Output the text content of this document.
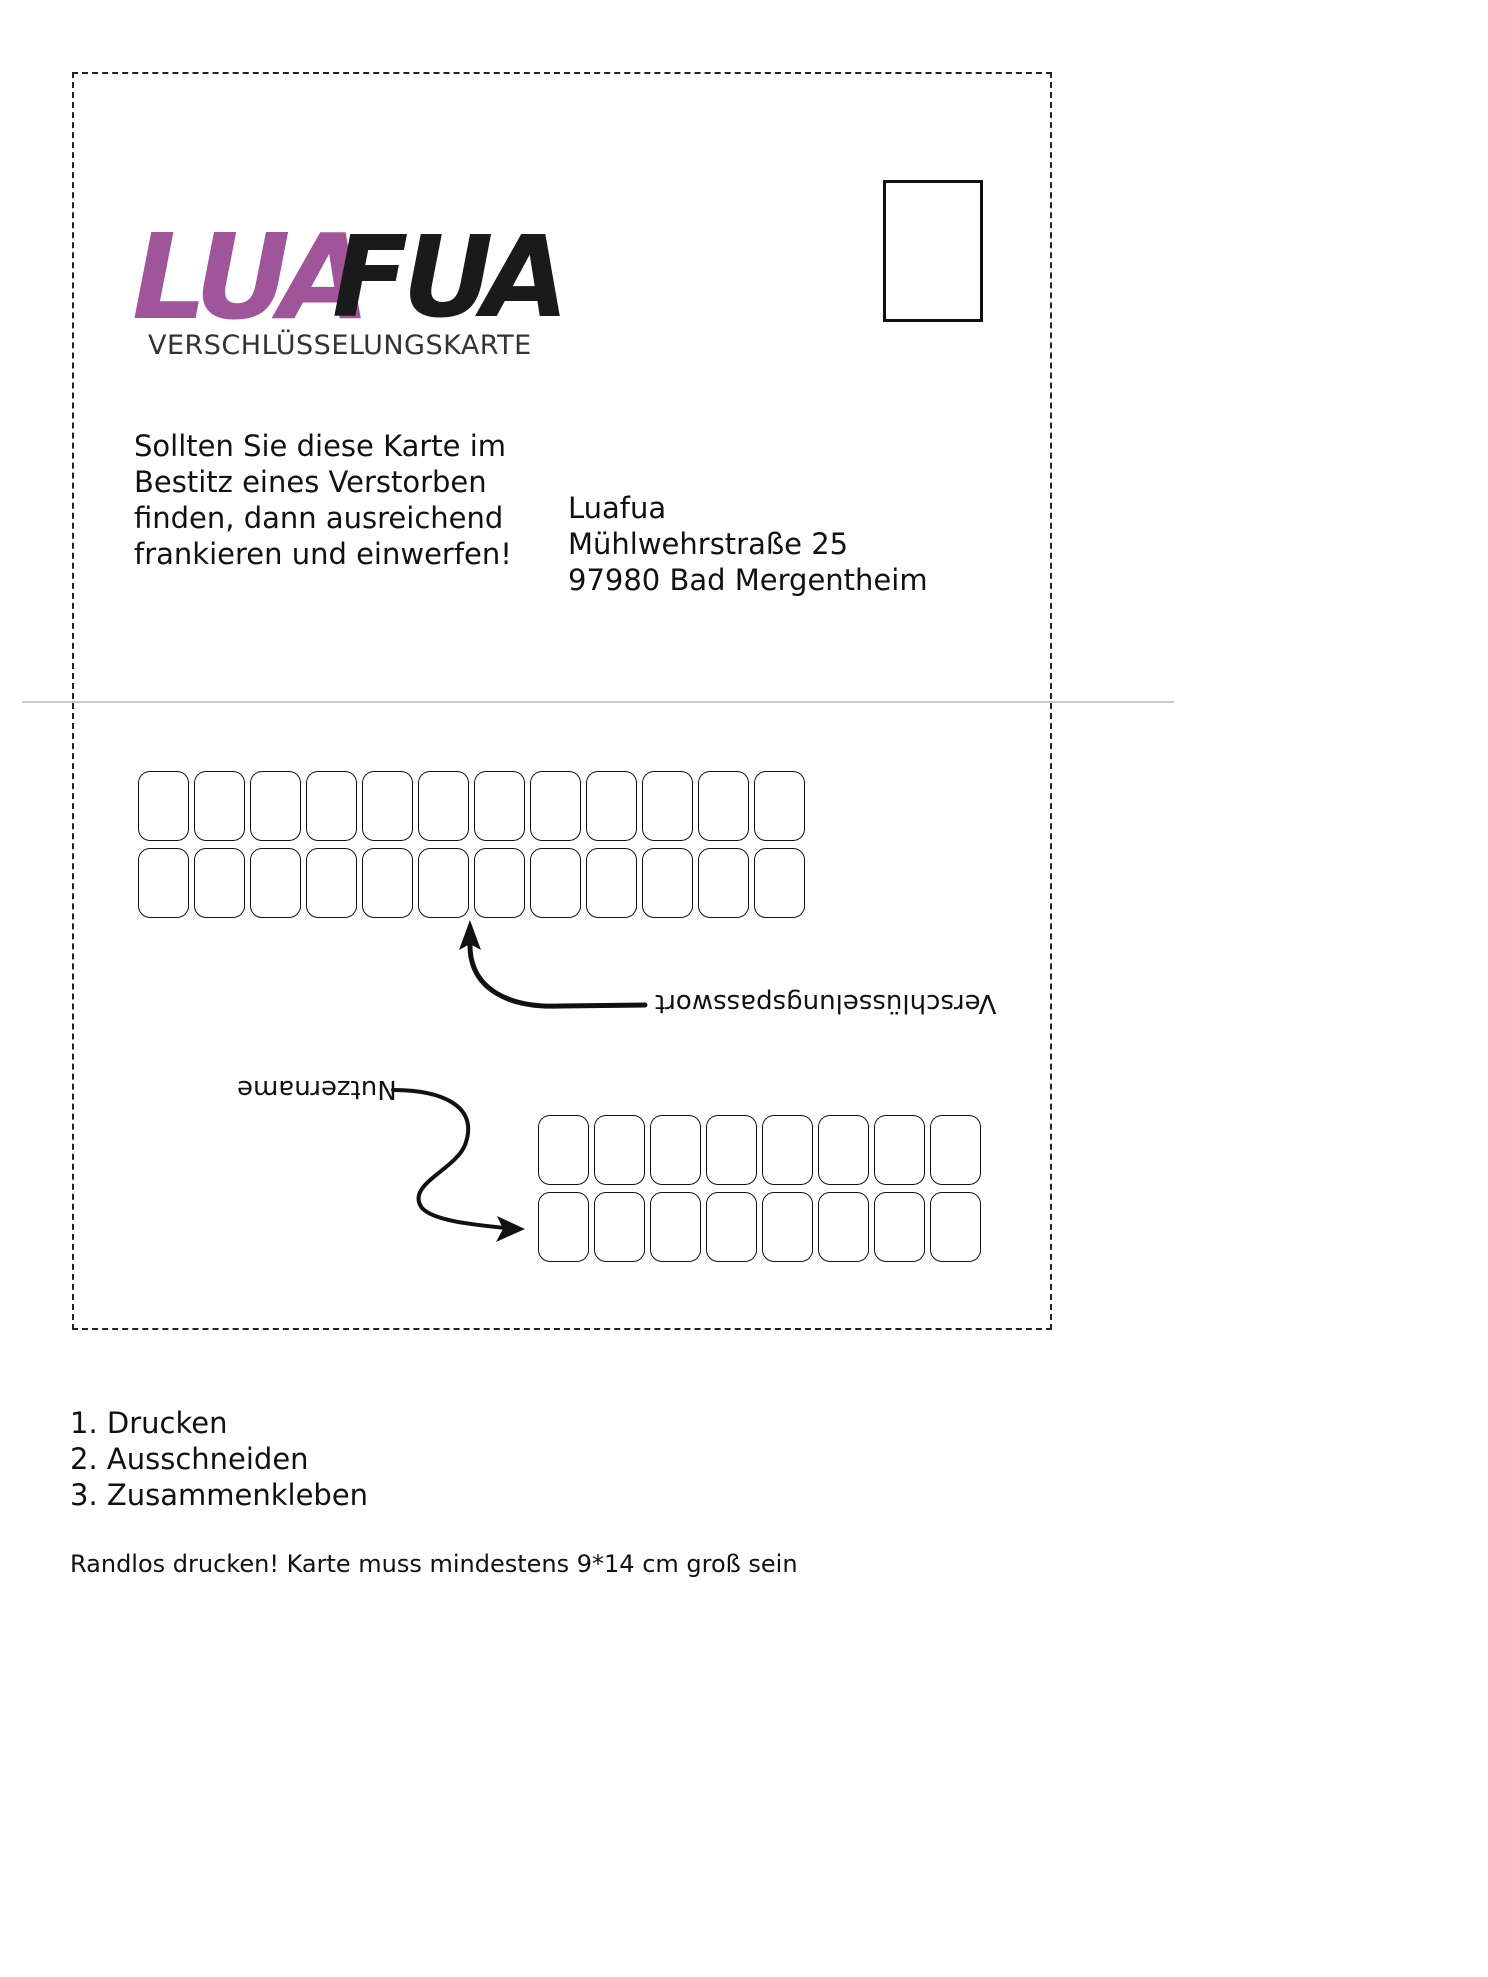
LUA
FUA
VERSCHLÜSSELUNGSKARTE
Sollten Sie diese Karte im
Bestitz eines Verstorben
finden, dann ausreichend
frankieren und einwerfen!
Luafua
Mühlwehrstraße 25
97980 Bad Mergentheim
Verschlüsselungspasswort
Nutzername
1. Drucken
2. Ausschneiden
3. Zusammenkleben
Randlos drucken! Karte muss mindestens 9*14 cm groß sein
